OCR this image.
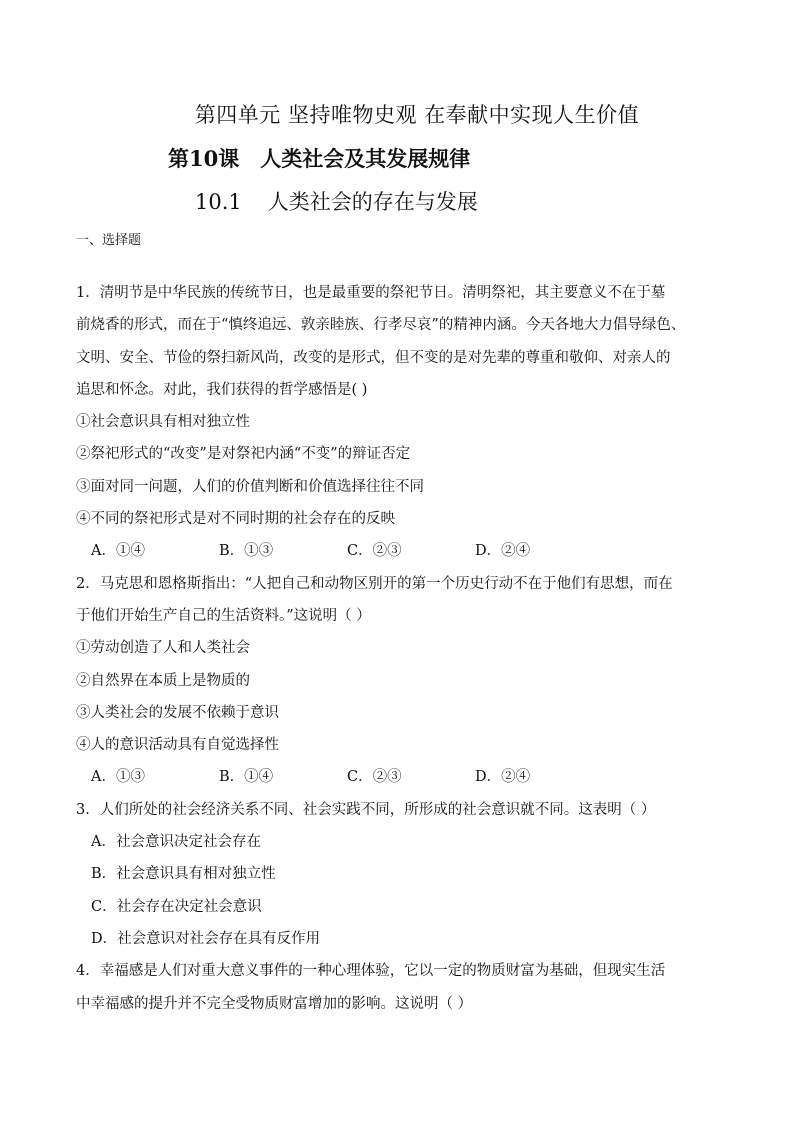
第四单元 坚持唯物史观 在奉献中实现人生价值
第10课　人类社会及其发展规律
10.1 人类社会的存在与发展
一、选择题
1．清明节是中华民族的传统节日，也是最重要的祭祀节日。清明祭祀，其主要意义不在于墓
前烧香的形式，而在于“慎终追远、敦亲睦族、行孝尽哀”的精神内涵。今天各地大力倡导绿色、
文明、安全、节俭的祭扫新风尚，改变的是形式，但不变的是对先辈的尊重和敬仰、对亲人的
追思和怀念。对此，我们获得的哲学感悟是( )
①社会意识具有相对独立性
②祭祀形式的“改变”是对祭祀内涵“不变”的辩证否定
③面对同一问题，人们的价值判断和价值选择往往不同
④不同的祭祀形式是对不同时期的社会存在的反映
A．①④	B．①③	C．②③	D．②④
2．马克思和恩格斯指出：“人把自己和动物区别开的第一个历史行动不在于他们有思想，而在
于他们开始生产自己的生活资料。”这说明（ ）
①劳动创造了人和人类社会
②自然界在本质上是物质的
③人类社会的发展不依赖于意识
④人的意识活动具有自觉选择性
A．①③	B．①④	C．②③	D．②④
3．人们所处的社会经济关系不同、社会实践不同，所形成的社会意识就不同。这表明（ ）
A．社会意识决定社会存在
B．社会意识具有相对独立性
C．社会存在决定社会意识
D．社会意识对社会存在具有反作用
4．幸福感是人们对重大意义事件的一种心理体验，它以一定的物质财富为基础，但现实生活
中幸福感的提升并不完全受物质财富增加的影响。这说明（ ）
